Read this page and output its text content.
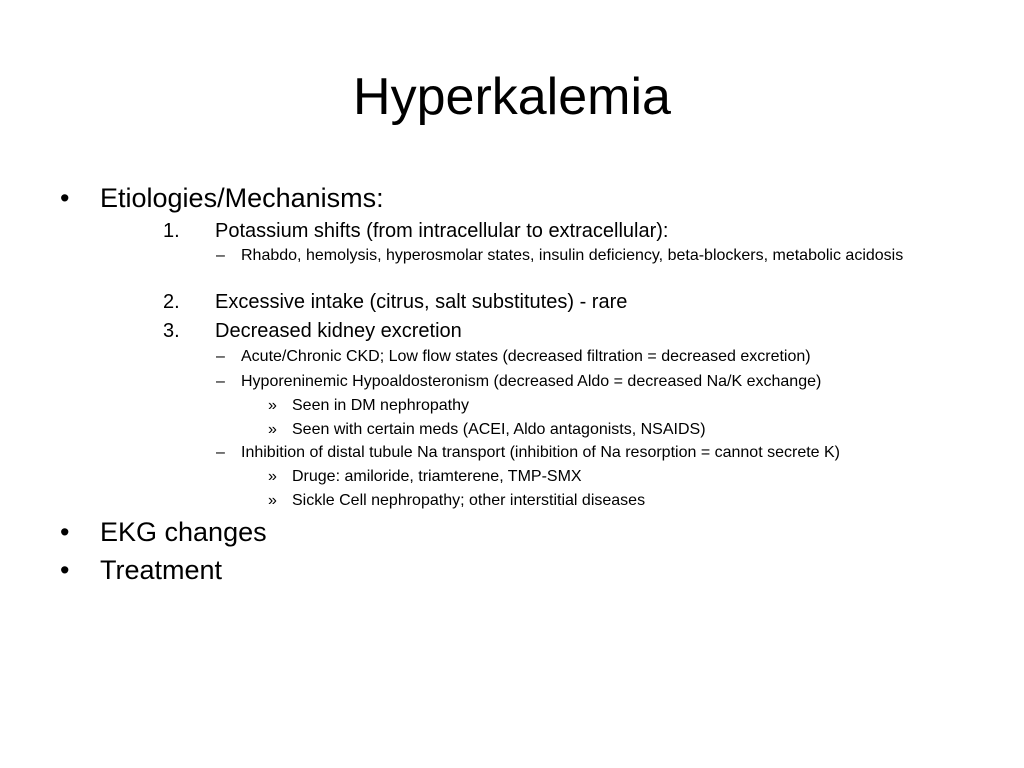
Hyperkalemia
• Etiologies/Mechanisms:
1. Potassium shifts (from intracellular to extracellular):
– Rhabdo, hemolysis, hyperosmolar states, insulin deficiency, beta-blockers, metabolic acidosis
2. Excessive intake (citrus, salt substitutes) - rare
3. Decreased kidney excretion
– Acute/Chronic CKD; Low flow states (decreased filtration = decreased excretion)
– Hyporeninemic Hypoaldosteronism (decreased Aldo = decreased Na/K exchange)
» Seen in DM nephropathy
» Seen with certain meds (ACEI, Aldo antagonists, NSAIDS)
– Inhibition of distal tubule Na transport (inhibition of Na resorption = cannot secrete K)
» Druge: amiloride, triamterene, TMP-SMX
» Sickle Cell nephropathy; other interstitial diseases
• EKG changes
• Treatment
